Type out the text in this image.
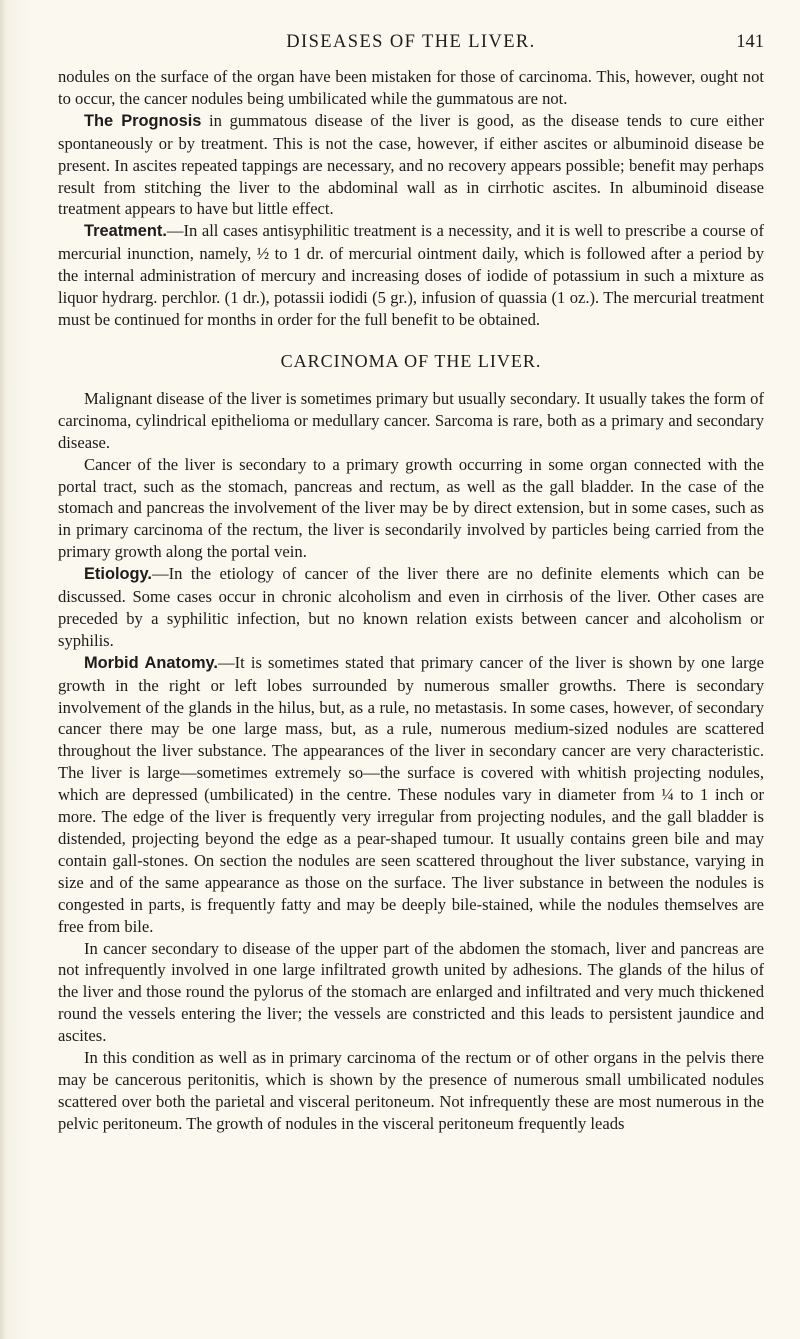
DISEASES OF THE LIVER.	141

nodules on the surface of the organ have been mistaken for those of carcinoma. This, however, ought not to occur, the cancer nodules being umbilicated while the gummatous are not.

The Prognosis in gummatous disease of the liver is good, as the disease tends to cure either spontaneously or by treatment. This is not the case, however, if either ascites or albuminoid disease be present. In ascites repeated tappings are necessary, and no recovery appears possible; benefit may perhaps result from stitching the liver to the abdominal wall as in cirrhotic ascites. In albuminoid disease treatment appears to have but little effect.

Treatment.—In all cases antisyphilitic treatment is a necessity, and it is well to prescribe a course of mercurial inunction, namely, ½ to 1 dr. of mercurial ointment daily, which is followed after a period by the internal administration of mercury and increasing doses of iodide of potassium in such a mixture as liquor hydrarg. perchlor. (1 dr.), potassii iodidi (5 gr.), infusion of quassia (1 oz.). The mercurial treatment must be continued for months in order for the full benefit to be obtained.

CARCINOMA OF THE LIVER.

Malignant disease of the liver is sometimes primary but usually secondary. It usually takes the form of carcinoma, cylindrical epithelioma or medullary cancer. Sarcoma is rare, both as a primary and secondary disease.

Cancer of the liver is secondary to a primary growth occurring in some organ connected with the portal tract, such as the stomach, pancreas and rectum, as well as the gall bladder. In the case of the stomach and pancreas the involvement of the liver may be by direct extension, but in some cases, such as in primary carcinoma of the rectum, the liver is secondarily involved by particles being carried from the primary growth along the portal vein.

Etiology.—In the etiology of cancer of the liver there are no definite elements which can be discussed. Some cases occur in chronic alcoholism and even in cirrhosis of the liver. Other cases are preceded by a syphilitic infection, but no known relation exists between cancer and alcoholism or syphilis.

Morbid Anatomy.—It is sometimes stated that primary cancer of the liver is shown by one large growth in the right or left lobes surrounded by numerous smaller growths. There is secondary involvement of the glands in the hilus, but, as a rule, no metastasis. In some cases, however, of secondary cancer there may be one large mass, but, as a rule, numerous medium-sized nodules are scattered throughout the liver substance. The appearances of the liver in secondary cancer are very characteristic. The liver is large—sometimes extremely so—the surface is covered with whitish projecting nodules, which are depressed (umbilicated) in the centre. These nodules vary in diameter from ¼ to 1 inch or more. The edge of the liver is frequently very irregular from projecting nodules, and the gall bladder is distended, projecting beyond the edge as a pear-shaped tumour. It usually contains green bile and may contain gall-stones. On section the nodules are seen scattered throughout the liver substance, varying in size and of the same appearance as those on the surface. The liver substance in between the nodules is congested in parts, is frequently fatty and may be deeply bile-stained, while the nodules themselves are free from bile.

In cancer secondary to disease of the upper part of the abdomen the stomach, liver and pancreas are not infrequently involved in one large infiltrated growth united by adhesions. The glands of the hilus of the liver and those round the pylorus of the stomach are enlarged and infiltrated and very much thickened round the vessels entering the liver; the vessels are constricted and this leads to persistent jaundice and ascites.

In this condition as well as in primary carcinoma of the rectum or of other organs in the pelvis there may be cancerous peritonitis, which is shown by the presence of numerous small umbilicated nodules scattered over both the parietal and visceral peritoneum. Not infrequently these are most numerous in the pelvic peritoneum. The growth of nodules in the visceral peritoneum frequently leads
